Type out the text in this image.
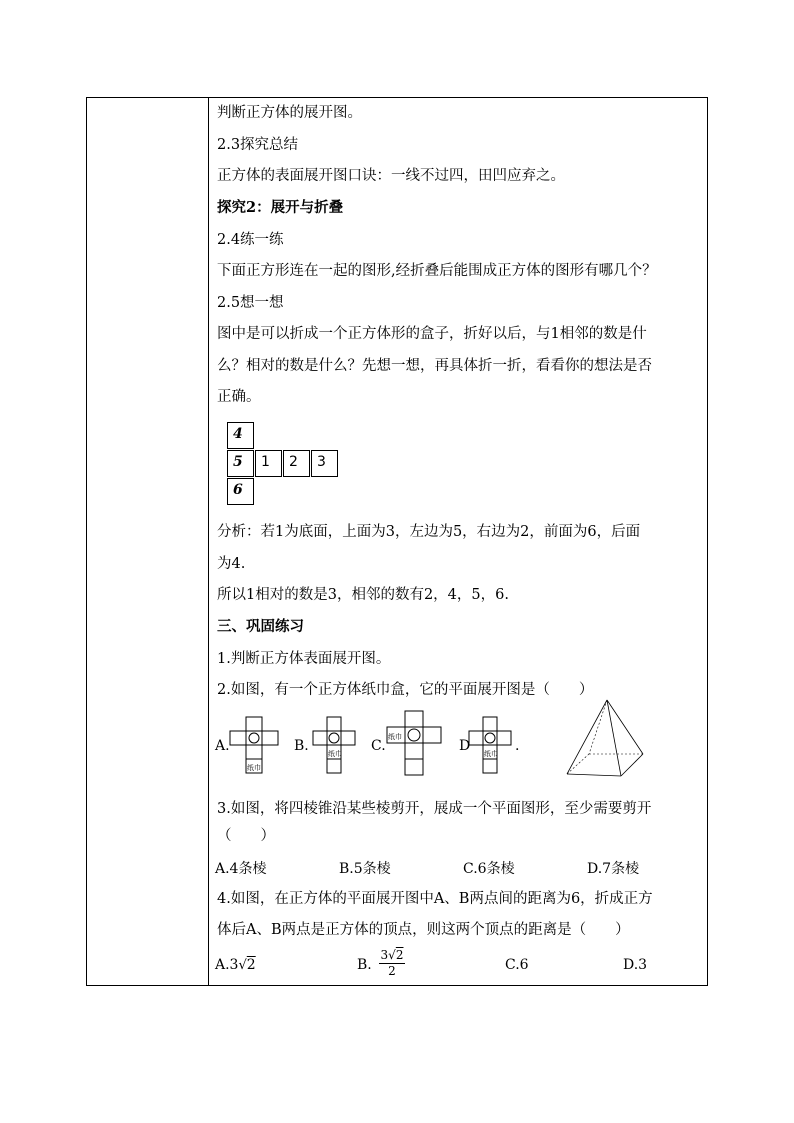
判断正方体的展开图。
2.3探究总结
正方体的表面展开图口诀：一线不过四，田凹应弃之。
探究2：展开与折叠
2.4练一练
下面正方形连在一起的图形,经折叠后能围成正方体的图形有哪几个？
2.5想一想
图中是可以折成一个正方体形的盒子，折好以后，与1相邻的数是什
么？相对的数是什么？先想一想，再具体折一折，看看你的想法是否
正确。
4
5
6
1 2 3
分析：若1为底面，上面为3，左边为5，右边为2，前面为6，后面
为4.
所以1相对的数是3，相邻的数有2，4，5，6.
三、巩固练习
1.判断正方体表面展开图。
2.如图，有一个正方体纸巾盒，它的平面展开图是（　　）
A.
纸巾
B.	纸巾 C.
纸巾
D 纸巾 .
3.如图，将四棱锥沿某些棱剪开，展成一个平面图形，至少需要剪开
（　　）
A.4条棱	B.5条棱	C.6条棱	D.7条棱
4.如图，在正方体的平面展开图中A、B两点间的距离为6，折成正方
体后A、B两点是正方体的顶点，则这两个顶点的距离是（　　）
A.3√2	B. $\frac{3√2}{2}$	C.6	D.3
